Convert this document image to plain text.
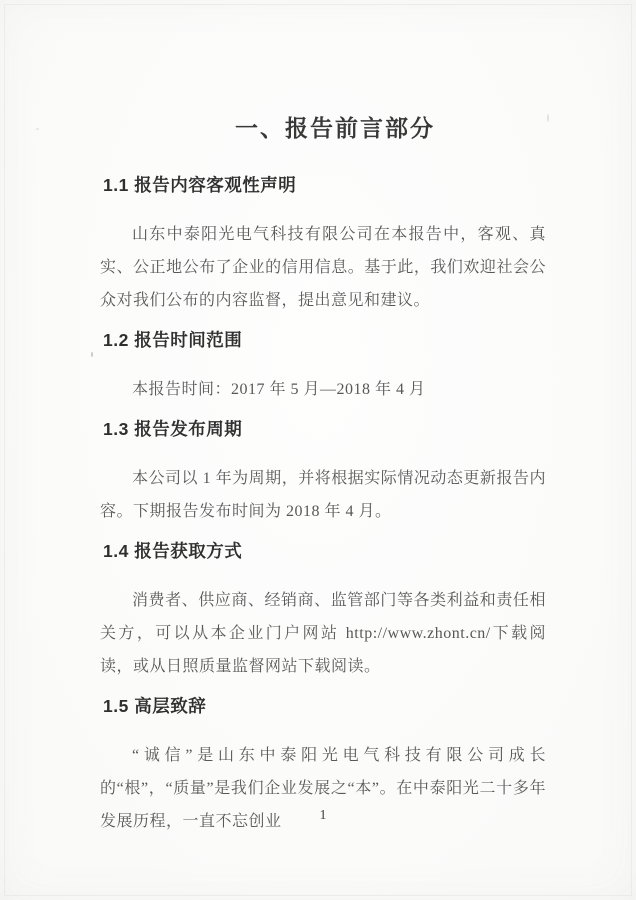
一、报告前言部分
1.1 报告内容客观性声明

山东中泰阳光电气科技有限公司在本报告中，客观、真实、公正地公布了企业的信用信息。基于此，我们欢迎社会公众对我们公布的内容监督，提出意见和建议。

1.2 报告时间范围

本报告时间：2017 年 5 月—2018 年 4 月

1.3 报告发布周期

本公司以 1 年为周期，并将根据实际情况动态更新报告内容。下期报告发布时间为 2018 年 4 月。

1.4 报告获取方式

消费者、供应商、经销商、监管部门等各类利益和责任相关方，可以从本企业门户网站 http://www.zhont.cn/下载阅读，或从日照质量监督网站下载阅读。

1.5 高层致辞

“诚信”是山东中泰阳光电气科技有限公司成长的“根”，“质量”是我们企业发展之“本”。在中泰阳光二十多年发展历程，一直不忘创业	1
